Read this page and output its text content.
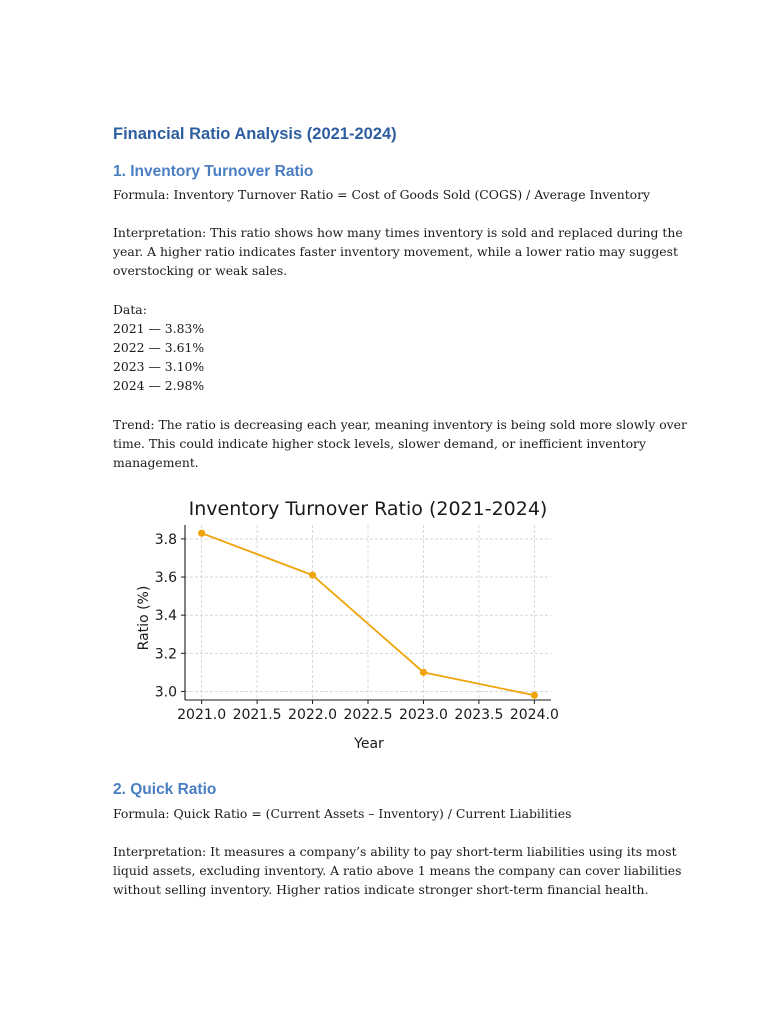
Financial Ratio Analysis (2021-2024)
1. Inventory Turnover Ratio
Formula: Inventory Turnover Ratio = Cost of Goods Sold (COGS) / Average Inventory
Interpretation: This ratio shows how many times inventory is sold and replaced during the
year. A higher ratio indicates faster inventory movement, while a lower ratio may suggest
overstocking or weak sales.
Data:
2021 — 3.83%
2022 — 3.61%
2023 — 3.10%
2024 — 2.98%
Trend: The ratio is decreasing each year, meaning inventory is being sold more slowly over
time. This could indicate higher stock levels, slower demand, or inefficient inventory
management.
2. Quick Ratio
Formula: Quick Ratio = (Current Assets – Inventory) / Current Liabilities
Interpretation: It measures a company’s ability to pay short-term liabilities using its most
liquid assets, excluding inventory. A ratio above 1 means the company can cover liabilities
without selling inventory. Higher ratios indicate stronger short-term financial health.
Inventory Turnover Ratio (2021-2024)
2021.0 2021.5 2022.0 2022.5 2023.0 2023.5 2024.0
3.0
3.2
3.4
3.6
3.8
Year
Ratio (%)
